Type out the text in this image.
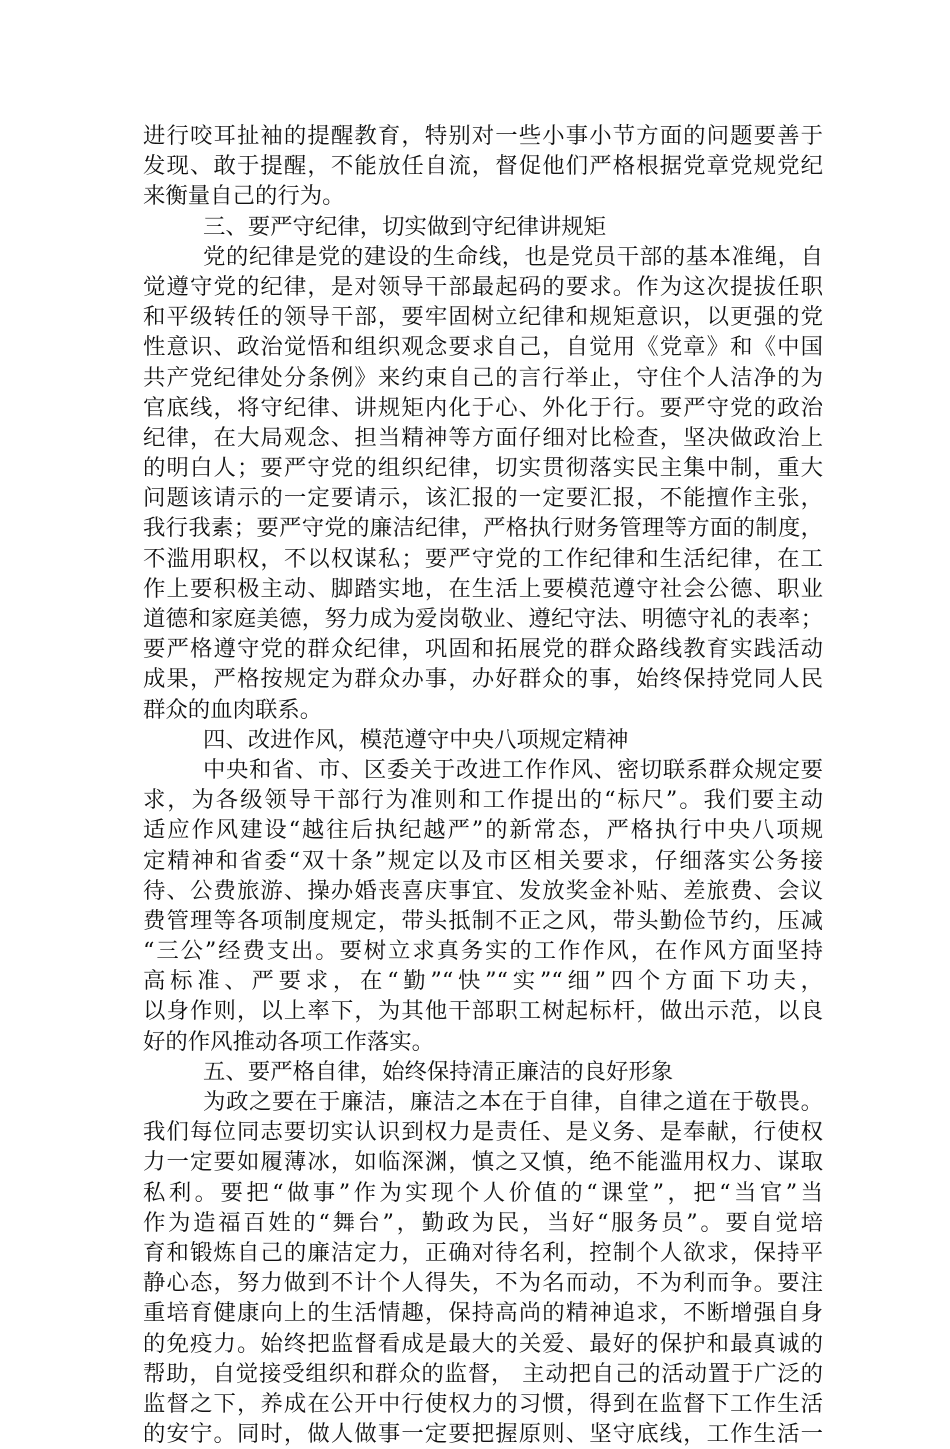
进行咬耳扯袖的提醒教育，特别对一些小事小节方面的问题要善于
发现、敢于提醒，不能放任自流，督促他们严格根据党章党规党纪
来衡量自己的行为。
三、要严守纪律，切实做到守纪律讲规矩
党的纪律是党的建设的生命线，也是党员干部的基本准绳，自
觉遵守党的纪律，是对领导干部最起码的要求。作为这次提拔任职
和平级转任的领导干部，要牢固树立纪律和规矩意识，以更强的党
性意识、政治觉悟和组织观念要求自己，自觉用《党章》和《中国
共产党纪律处分条例》来约束自己的言行举止，守住个人洁净的为
官底线，将守纪律、讲规矩内化于心、外化于行。要严守党的政治
纪律，在大局观念、担当精神等方面仔细对比检查，坚决做政治上
的明白人；要严守党的组织纪律，切实贯彻落实民主集中制，重大
问题该请示的一定要请示，该汇报的一定要汇报，不能擅作主张，
我行我素；要严守党的廉洁纪律，严格执行财务管理等方面的制度，
不滥用职权，不以权谋私；要严守党的工作纪律和生活纪律，在工
作上要积极主动、脚踏实地，在生活上要模范遵守社会公德、职业
道德和家庭美德，努力成为爱岗敬业、遵纪守法、明德守礼的表率；
要严格遵守党的群众纪律，巩固和拓展党的群众路线教育实践活动
成果，严格按规定为群众办事，办好群众的事，始终保持党同人民
群众的血肉联系。
四、改进作风，模范遵守中央八项规定精神
中央和省、市、区委关于改进工作作风、密切联系群众规定要
求，为各级领导干部行为准则和工作提出的“标尺”。我们要主动
适应作风建设“越往后执纪越严”的新常态，严格执行中央八项规
定精神和省委“双十条”规定以及市区相关要求，仔细落实公务接
待、公费旅游、操办婚丧喜庆事宜、发放奖金补贴、差旅费、会议
费管理等各项制度规定，带头抵制不正之风，带头勤俭节约，压减
“三公”经费支出。要树立求真务实的工作作风，在作风方面坚持
高标准、严要求，在“勤”“快”“实”“细”四个方面下功夫，
以身作则，以上率下，为其他干部职工树起标杆，做出示范，以良
好的作风推动各项工作落实。
五、要严格自律，始终保持清正廉洁的良好形象
为政之要在于廉洁，廉洁之本在于自律，自律之道在于敬畏。
我们每位同志要切实认识到权力是责任、是义务、是奉献，行使权
力一定要如履薄冰，如临深渊，慎之又慎，绝不能滥用权力、谋取
私利。要把“做事”作为实现个人价值的“课堂”，把“当官”当
作为造福百姓的“舞台”，勤政为民，当好“服务员”。要自觉培
育和锻炼自己的廉洁定力，正确对待名利，控制个人欲求，保持平
静心态，努力做到不计个人得失，不为名而动，不为利而争。要注
重培育健康向上的生活情趣，保持高尚的精神追求，不断增强自身
的免疫力。始终把监督看成是最大的关爱、最好的保护和最真诚的
帮助，自觉接受组织和群众的监督， 主动把自己的活动置于广泛的
监督之下，养成在公开中行使权力的习惯，得到在监督下工作生活
的安宁。同时，做人做事一定要把握原则、坚守底线，工作生活一
